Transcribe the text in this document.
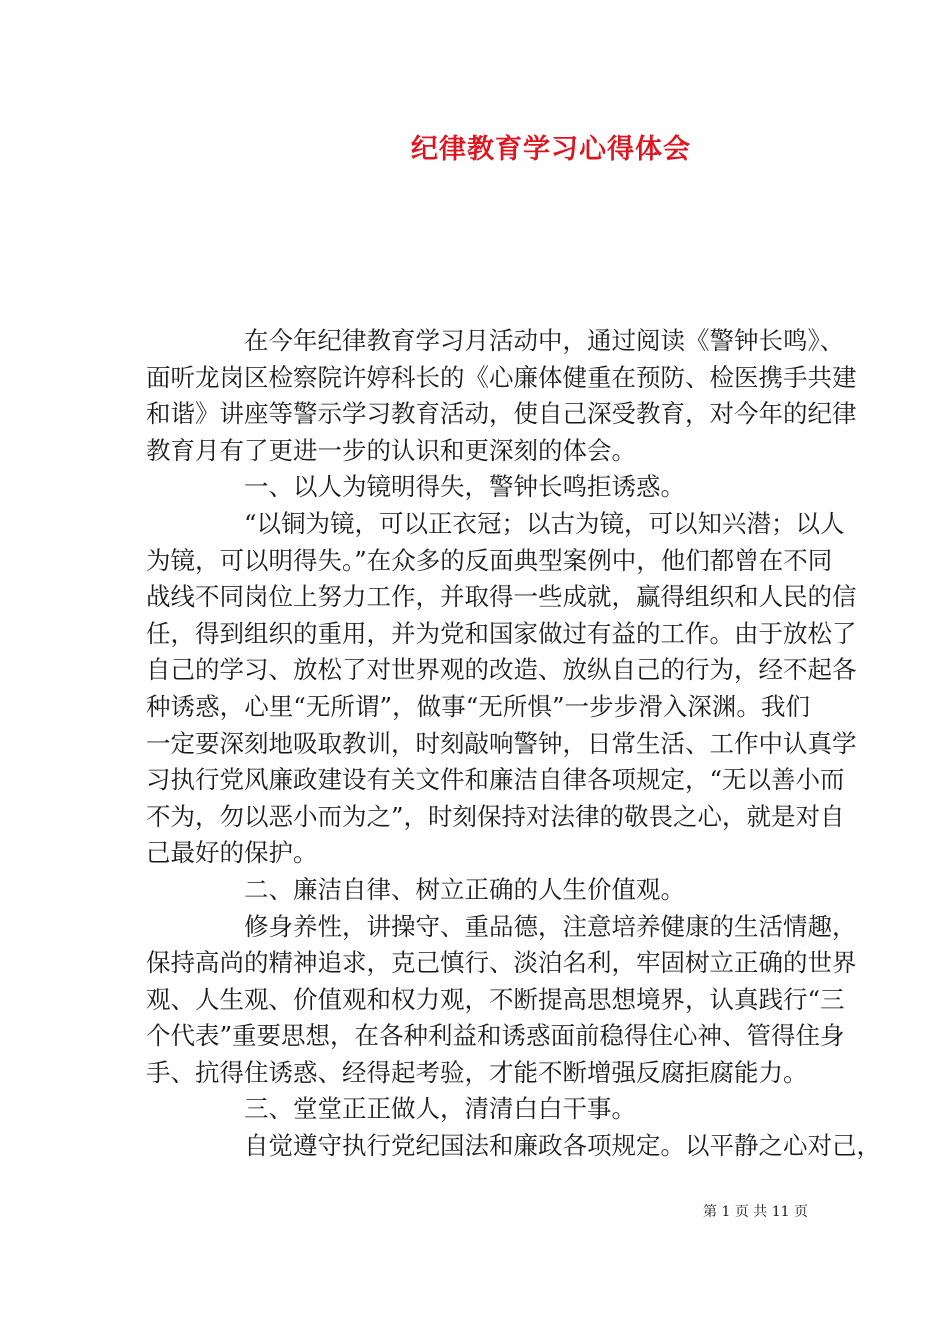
纪律教育学习心得体会
在今年纪律教育学习月活动中，通过阅读《警钟长鸣》、
面听龙岗区检察院许婷科长的《心廉体健重在预防、检医携手共建
和谐》讲座等警示学习教育活动，使自己深受教育，对今年的纪律
教育月有了更进一步的认识和更深刻的体会。
一、以人为镜明得失，警钟长鸣拒诱惑。
“以铜为镜，可以正衣冠；以古为镜，可以知兴潜；以人
为镜，可以明得失。”在众多的反面典型案例中，他们都曾在不同
战线不同岗位上努力工作，并取得一些成就，赢得组织和人民的信
任，得到组织的重用，并为党和国家做过有益的工作。由于放松了
自己的学习、放松了对世界观的改造、放纵自己的行为，经不起各
种诱惑，心里“无所谓”，做事“无所惧”一步步滑入深渊。我们
一定要深刻地吸取教训，时刻敲响警钟，日常生活、工作中认真学
习执行党风廉政建设有关文件和廉洁自律各项规定，“无以善小而
不为，勿以恶小而为之”，时刻保持对法律的敬畏之心，就是对自
己最好的保护。
二、廉洁自律、树立正确的人生价值观。
修身养性，讲操守、重品德，注意培养健康的生活情趣，
保持高尚的精神追求，克己慎行、淡泊名利，牢固树立正确的世界
观、人生观、价值观和权力观，不断提高思想境界，认真践行“三
个代表”重要思想，在各种利益和诱惑面前稳得住心神、管得住身
手、抗得住诱惑、经得起考验，才能不断增强反腐拒腐能力。
三、堂堂正正做人，清清白白干事。
自觉遵守执行党纪国法和廉政各项规定。以平静之心对己，
第 1 页 共 11 页
